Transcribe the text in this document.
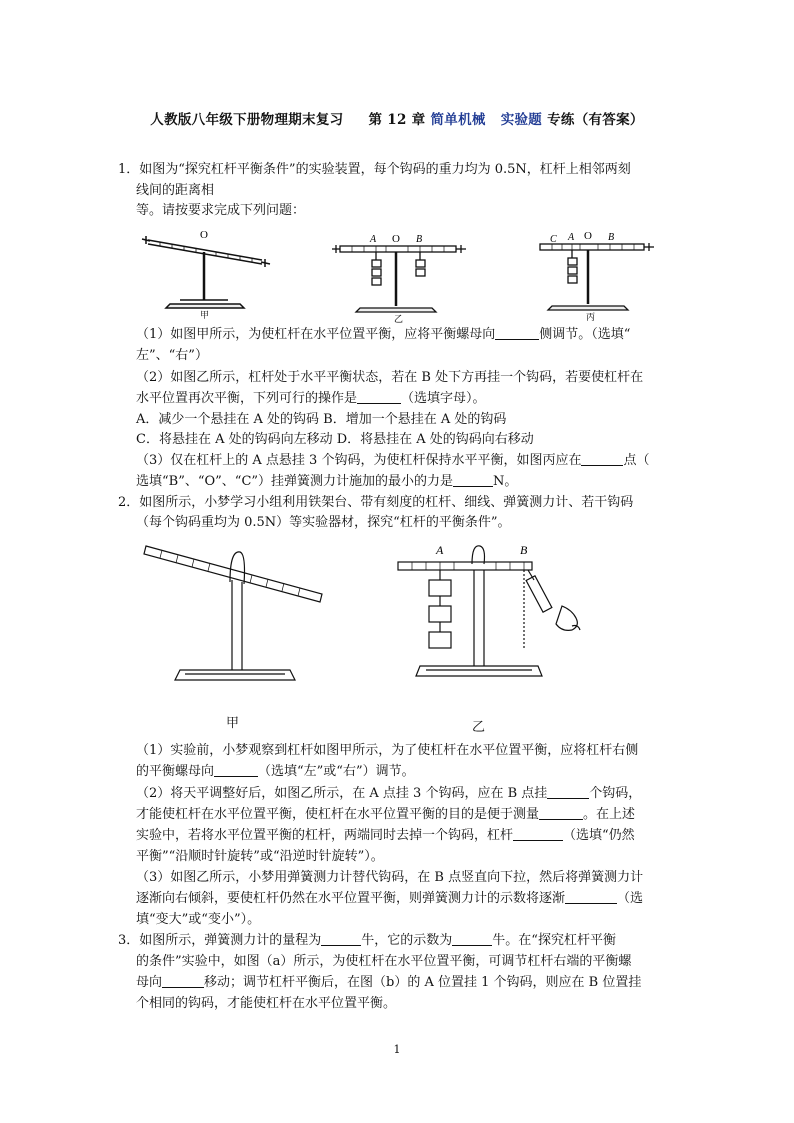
人教版八年级下册物理期末复习 第 12 章 简单机械 实验题 专练（有答案）
1．如图为“探究杠杆平衡条件”的实验装置，每个钩码的重力均为 0.5N，杠杆上相邻两刻
线间的距离相
等。请按要求完成下列问题：
O
甲
A O B
乙
C A O B
丙
（1）如图甲所示，为使杠杆在水平位置平衡，应将平衡螺母向	侧调节。（选填“
左”、“右”）
（2）如图乙所示，杠杆处于水平平衡状态，若在 B 处下方再挂一个钩码，若要使杠杆在
水平位置再次平衡，下列可行的操作是	（选填字母）。
A．减少一个悬挂在 A 处的钩码 B．增加一个悬挂在 A 处的钩码
C．将悬挂在 A 处的钩码向左移动 D．将悬挂在 A 处的钩码向右移动
（3）仅在杠杆上的 A 点悬挂 3 个钩码，为使杠杆保持水平平衡，如图丙应在	点（
选填“B”、“O”、“C”）挂弹簧测力计施加的最小的力是	N。
2．如图所示，小梦学习小组利用铁架台、带有刻度的杠杆、细线、弹簧测力计、若干钩码
（每个钩码重均为 0.5N）等实验器材，探究“杠杆的平衡条件”。
甲
A	B
乙
（1）实验前，小梦观察到杠杆如图甲所示，为了使杠杆在水平位置平衡，应将杠杆右侧
的平衡螺母向	（选填“左”或“右”）调节。
（2）将天平调整好后，如图乙所示，在 A 点挂 3 个钩码，应在 B 点挂	个钩码，
才能使杠杆在水平位置平衡，使杠杆在水平位置平衡的目的是便于测量	。在上述
实验中，若将水平位置平衡的杠杆，两端同时去掉一个钩码，杠杆	（选填“仍然
平衡”“沿顺时针旋转”或“沿逆时针旋转”）。
（3）如图乙所示，小梦用弹簧测力计替代钩码，在 B 点竖直向下拉，然后将弹簧测力计
逐渐向右倾斜，要使杠杆仍然在水平位置平衡，则弹簧测力计的示数将逐渐	（选
填“变大”或“变小”）。
3．如图所示，弹簧测力计的量程为	牛，它的示数为	牛。在“探究杠杆平衡
的条件”实验中，如图（a）所示，为使杠杆在水平位置平衡，可调节杠杆右端的平衡螺
母向	移动；调节杠杆平衡后，在图（b）的 A 位置挂 1 个钩码，则应在 B 位置挂
个相同的钩码，才能使杠杆在水平位置平衡。
1
